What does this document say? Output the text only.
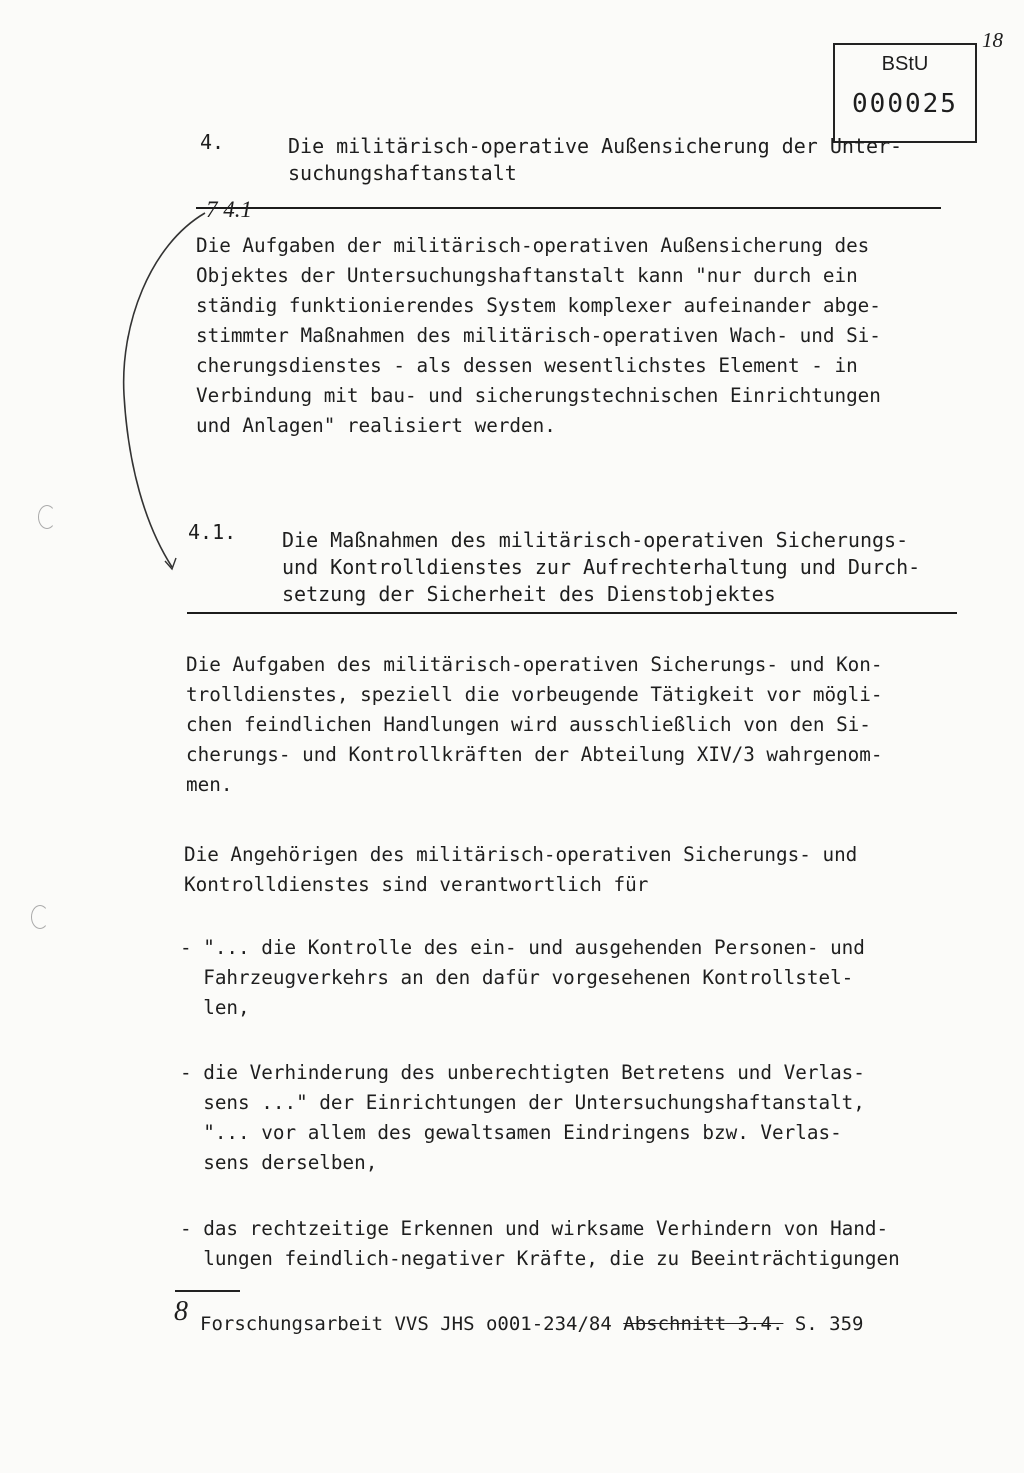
BStU
000025
18
4.	Die militärisch-operative Außensicherung der Unter-
suchungshaftanstalt
7 4.1
Die Aufgaben der militärisch-operativen Außensicherung des
Objektes der Untersuchungshaftanstalt kann "nur durch ein
ständig funktionierendes System komplexer aufeinander abge-
stimmter Maßnahmen des militärisch-operativen Wach- und Si-
cherungsdienstes - als dessen wesentlichstes Element - in
Verbindung mit bau- und sicherungstechnischen Einrichtungen
und Anlagen" realisiert werden.
4.1. Die Maßnahmen des militärisch-operativen Sicherungs-
und Kontrolldienstes zur Aufrechterhaltung und Durch-
setzung der Sicherheit des Dienstobjektes
Die Aufgaben des militärisch-operativen Sicherungs- und Kon-
trolldienstes, speziell die vorbeugende Tätigkeit vor mögli-
chen feindlichen Handlungen wird ausschließlich von den Si-
cherungs- und Kontrollkräften der Abteilung XIV/3 wahrgenom-
men.
Die Angehörigen des militärisch-operativen Sicherungs- und
Kontrolldienstes sind verantwortlich für
- "... die Kontrolle des ein- und ausgehenden Personen- und
Fahrzeugverkehrs an den dafür vorgesehenen Kontrollstel-
len,
- die Verhinderung des unberechtigten Betretens und Verlas-
sens ..." der Einrichtungen der Untersuchungshaftanstalt,
"... vor allem des gewaltsamen Eindringens bzw. Verlas-
sens derselben,
- das rechtzeitige Erkennen und wirksame Verhindern von Hand-
lungen feindlich-negativer Kräfte, die zu Beeinträchtigungen
8 Forschungsarbeit VVS JHS o001-234/84 Abschnitt 3.4. S. 359
